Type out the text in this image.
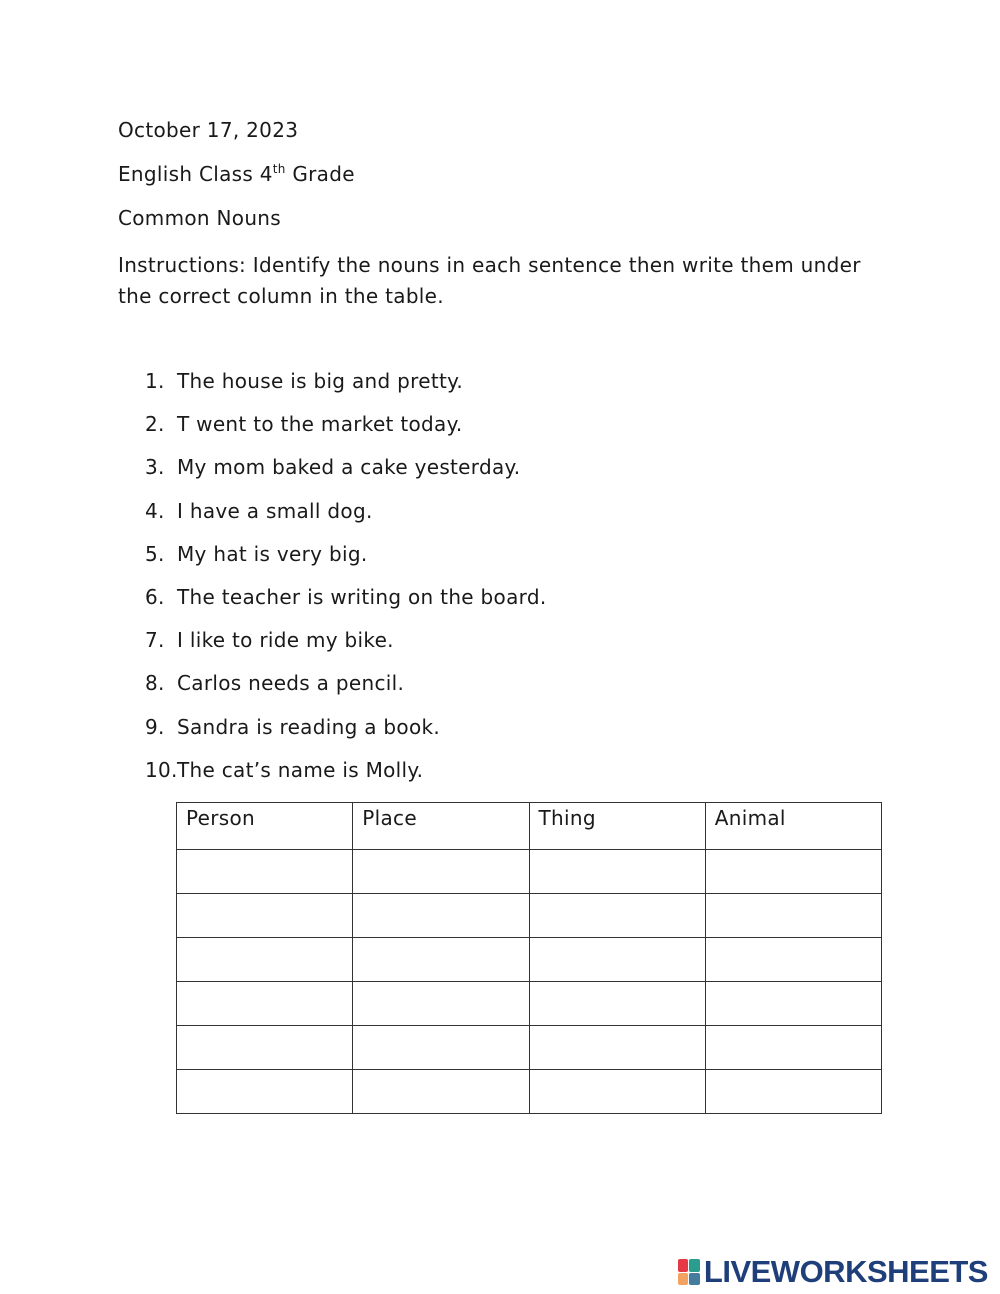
October 17, 2023

English Class 4th Grade

Common Nouns

Instructions: Identify the nouns in each sentence then write them under the correct column in the table.

1. The house is big and pretty.
2. T went to the market today.
3. My mom baked a cake yesterday.
4. I have a small dog.
5. My hat is very big.
6. The teacher is writing on the board.
7. I like to ride my bike.
8. Carlos needs a pencil.
9. Sandra is reading a book.
10. The cat’s name is Molly.
Person	Place	Thing	Animal

LIVEWORKSHEETS
